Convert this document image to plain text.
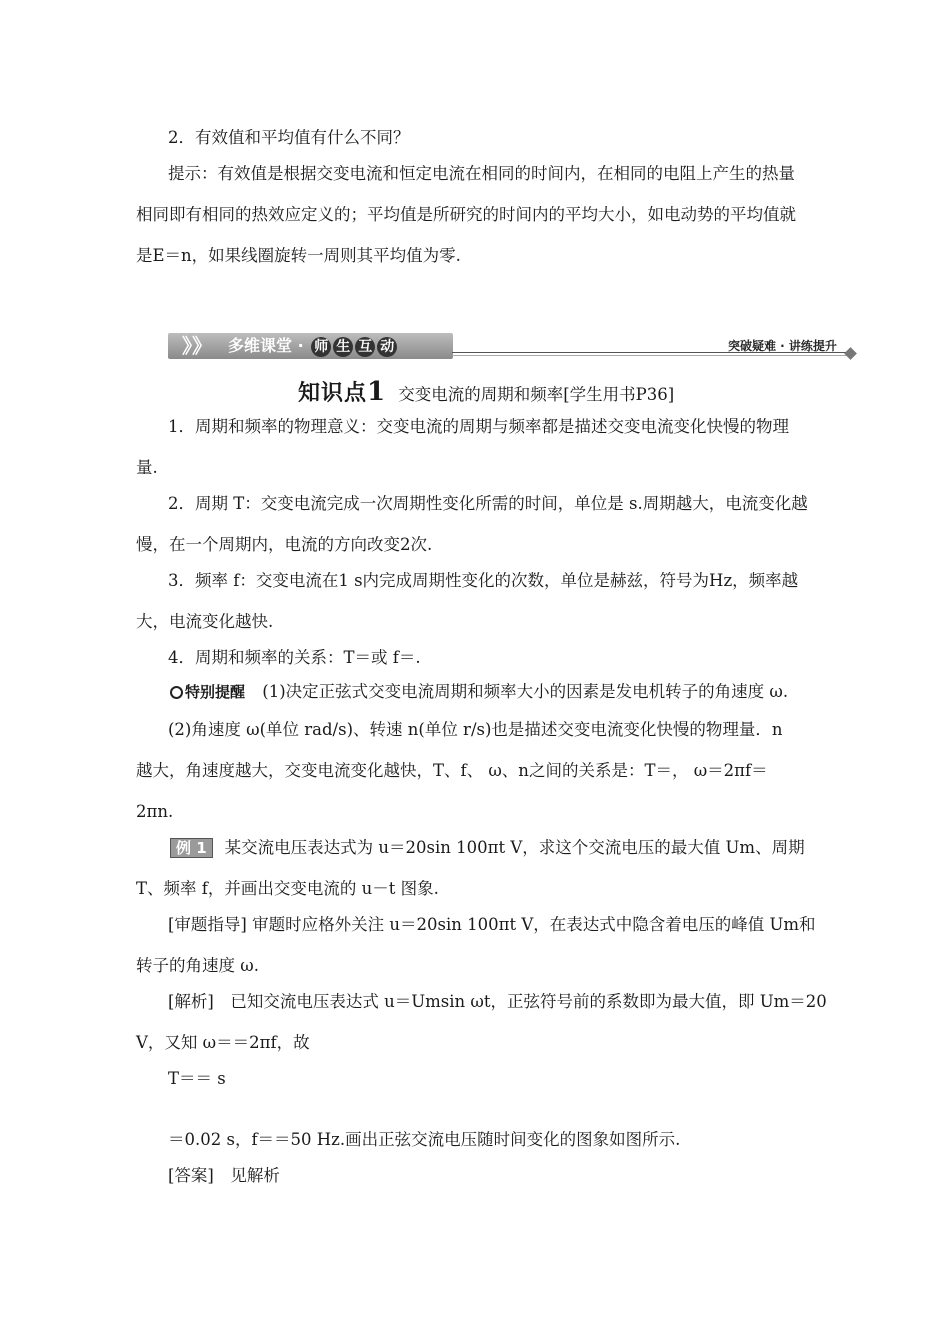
2．有效值和平均值有什么不同？
提示：有效值是根据交变电流和恒定电流在相同的时间内，在相同的电阻上产生的热量
相同即有相同的热效应定义的；平均值是所研究的时间内的平均大小，如电动势的平均值就
是E＝n，如果线圈旋转一周则其平均值为零.
》》 多维课堂 · 师 生 互 动	突破疑难 · 讲练提升
知识点1 交变电流的周期和频率[学生用书P36]
1．周期和频率的物理意义：交变电流的周期与频率都是描述交变电流变化快慢的物理
量.
2．周期 T：交变电流完成一次周期性变化所需的时间，单位是 s.周期越大，电流变化越
慢，在一个周期内，电流的方向改变2次.
3．频率 f：交变电流在1 s内完成周期性变化的次数，单位是赫兹，符号为Hz，频率越
大，电流变化越快.
4．周期和频率的关系：T＝或 f＝.
特别提醒 (1)决定正弦式交变电流周期和频率大小的因素是发电机转子的角速度 ω.
(2)角速度 ω(单位 rad/s)、转速 n(单位 r/s)也是描述交变电流变化快慢的物理量．n
越大，角速度越大，交变电流变化越快，T、f、 ω、n之间的关系是：T＝， ω＝2πf＝
2πn.
例 1 某交流电压表达式为 u＝20sin 100πt V，求这个交流电压的最大值 Um、周期
T、频率 f，并画出交变电流的 u－t 图象.
[审题指导] 审题时应格外关注 u＝20sin 100πt V，在表达式中隐含着电压的峰值 Um和
转子的角速度 ω.
[解析]　已知交流电压表达式 u＝Umsin ωt，正弦符号前的系数即为最大值，即 Um＝20
V，又知 ω＝＝2πf，故
T＝＝ s
＝0.02 s，f＝＝50 Hz.画出正弦交流电压随时间变化的图象如图所示.
[答案]　见解析
